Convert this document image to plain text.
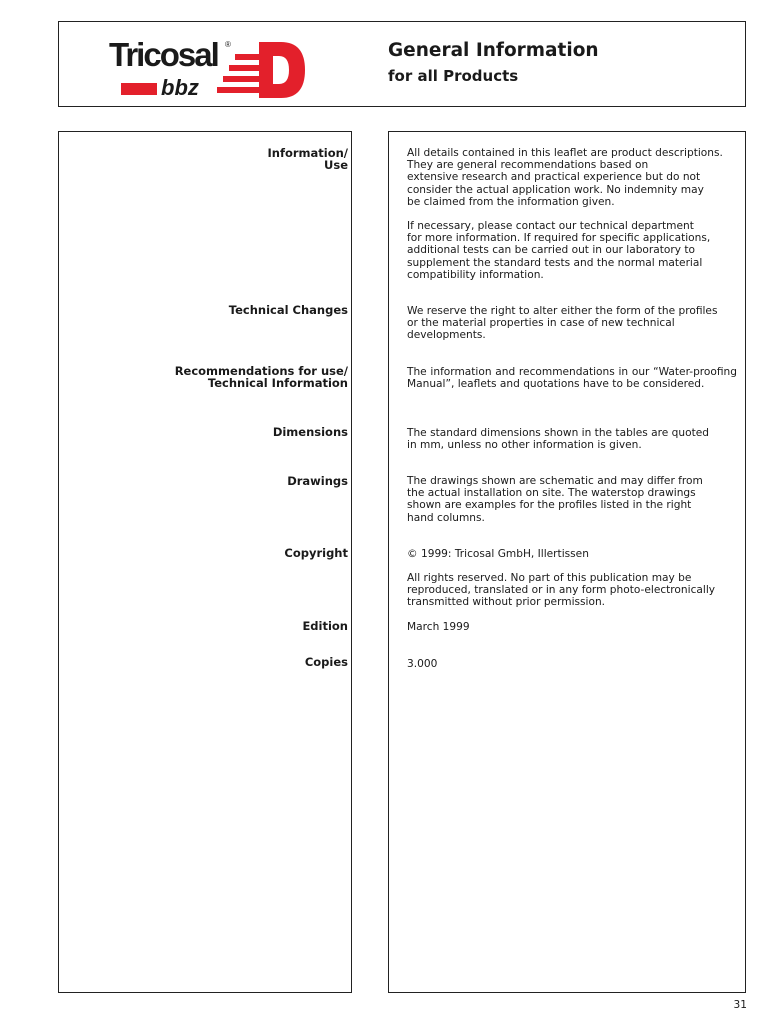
Tricosal ®
bbz
General Information
for all Products
Information/
Use
Technical Changes
Recommendations for use/
Technical Information
Dimensions
Drawings
Copyright
Edition
Copies
All details contained in this leaflet are product descriptions.
They are general recommendations based on
extensive research and practical experience but do not
consider the actual application work. No indemnity may
be claimed from the information given.
If necessary, please contact our technical department
for more information. If required for specific applications,
additional tests can be carried out in our laboratory to
supplement the standard tests and the normal material
compatibility information.
We reserve the right to alter either the form of the profiles
or the material properties in case of new technical
developments.
The information and recommendations in our “Water-proofing Manual”, leaflets and quotations have to be considered.
The standard dimensions shown in the tables are quoted
in mm, unless no other information is given.
The drawings shown are schematic and may differ from
the actual installation on site. The waterstop drawings
shown are examples for the profiles listed in the right
hand columns.
© 1999: Tricosal GmbH, Illertissen
All rights reserved. No part of this publication may be
reproduced, translated or in any form photo-electronically
transmitted without prior permission.
March 1999
3.000
31
